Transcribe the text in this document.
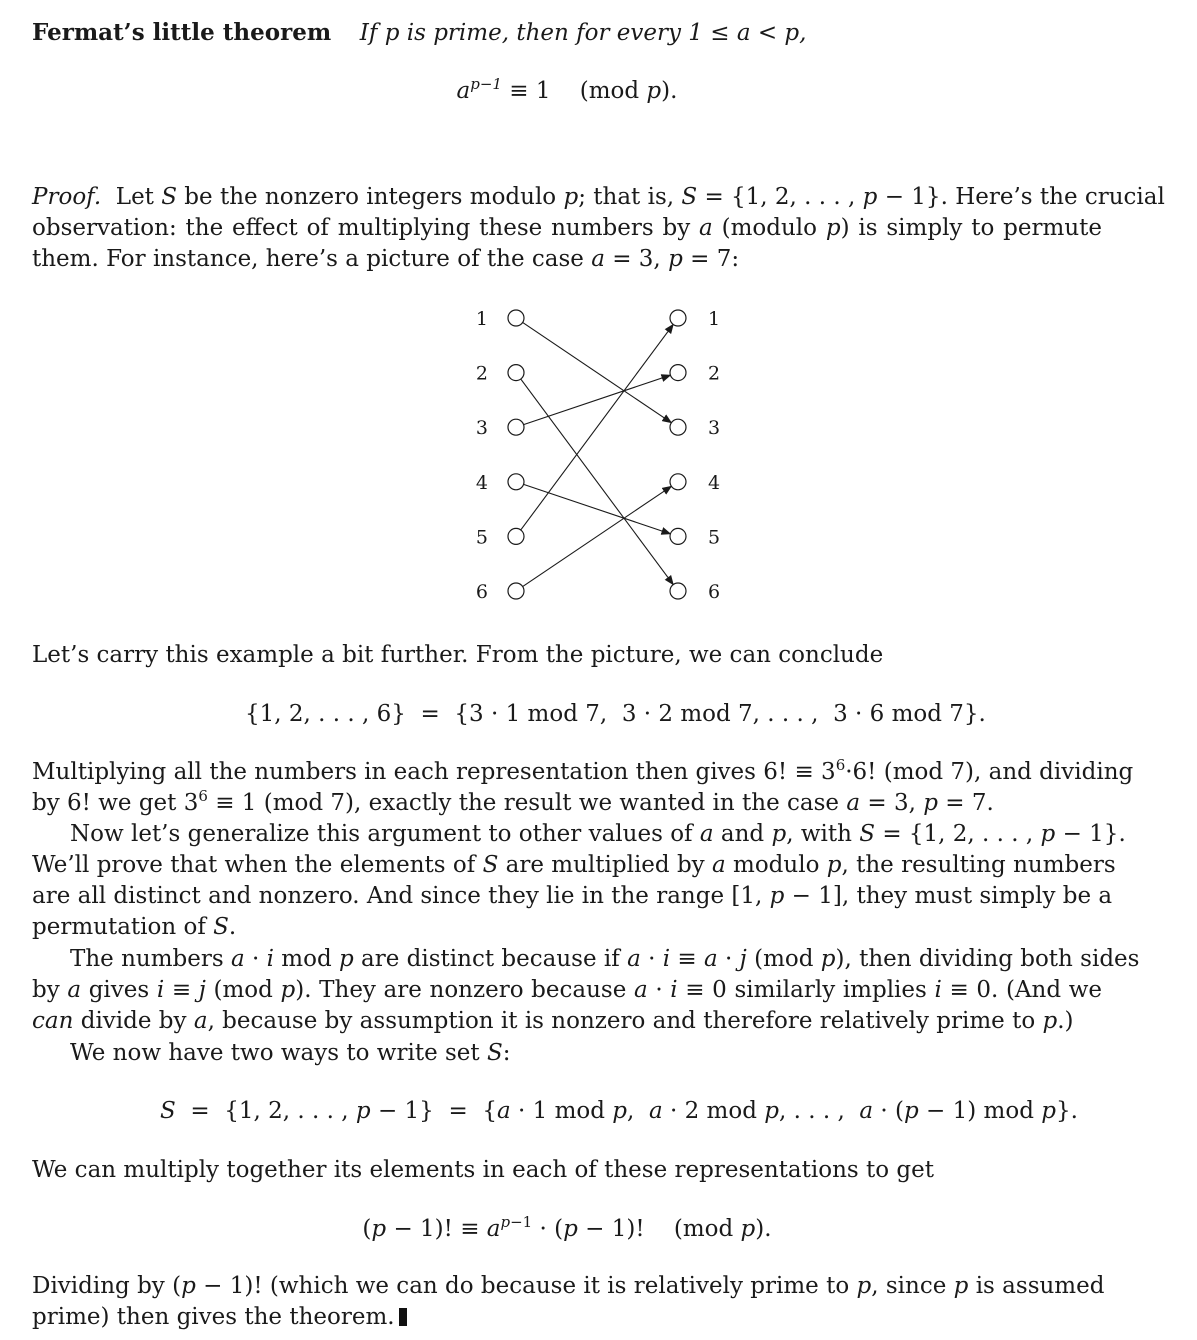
Fermat’s little theorem If p is prime, then for every 1 ≤ a < p,
$a^{p-1} \equiv 1$    (mod p).
Proof.  Let S be the nonzero integers modulo p; that is, S = {1, 2, . . . , p − 1}. Here’s the crucial
observation: the effect of multiplying these numbers by a (modulo p) is simply to permute
them. For instance, here’s a picture of the case a = 3, p = 7:
1
2
3
4
5
6
1
2
3
4
5
6
Let’s carry this example a bit further. From the picture, we can conclude
{1, 2, . . . , 6}  =  {3 · 1 mod 7,  3 · 2 mod 7, . . . ,  3 · 6 mod 7}.
Multiplying all the numbers in each representation then gives 6! ≡ $3^6\cdot 6$! (mod 7), and dividing
by 6! we get $3^6 \equiv 1$ (mod 7), exactly the result we wanted in the case a = 3, p = 7.
Now let’s generalize this argument to other values of a and p, with S = {1, 2, . . . , p − 1}.
We’ll prove that when the elements of S are multiplied by a modulo p, the resulting numbers
are all distinct and nonzero. And since they lie in the range [1, p − 1], they must simply be a
permutation of S.
The numbers a · i mod p are distinct because if a · i ≡ a · j (mod p), then dividing both sides
by a gives i ≡ j (mod p). They are nonzero because a · i ≡ 0 similarly implies i ≡ 0. (And we
can divide by a, because by assumption it is nonzero and therefore relatively prime to p.)
We now have two ways to write set S:
S  =  {1, 2, . . . , p − 1}  =  {a · 1 mod p,  a · 2 mod p, . . . ,  a · (p − 1) mod p}.
We can multiply together its elements in each of these representations to get
(p − 1)! ≡ $a^{p-1} \cdot (p - 1)$!    (mod p).
Dividing by (p − 1)! (which we can do because it is relatively prime to p, since p is assumed
prime) then gives the theorem.
